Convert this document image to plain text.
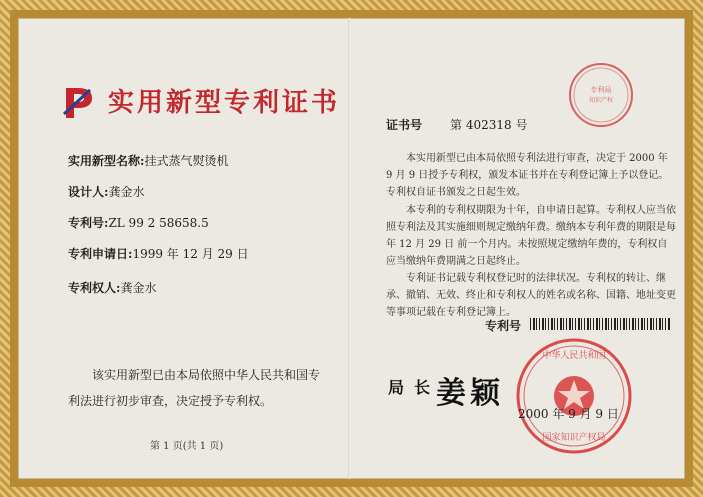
实用新型专利证书
实用新型名称:挂式蒸气熨烫机
设计人:龚金水
专利号:ZL 99 2 58658.5
专利申请日:1999 年 12 月 29 日
专利权人:龚金水
该实用新型已由本局依照中华人民共和国专利法进行初步审查，决定授予专利权。
第 1 页(共 1 页)
专利局
知识产权
证书号 第 402318 号
本实用新型已由本局依照专利法进行审查，决定于 2000 年 9 月 9 日授予专利权，颁发本证书并在专利登记簿上予以登记。专利权自证书颁发之日起生效。
本专利的专利权期限为十年，自申请日起算。专利权人应当依照专利法及其实施细则规定缴纳年费。缴纳本专利年费的期限是每年 12 月 29 日 前一个月内。未按照规定缴纳年费的，专利权自应当缴纳年费期满之日起终止。
专利证书记载专利权登记时的法律状况。专利权的转让、继承、撤销、无效、终止和专利权人的姓名或名称、国籍、地址变更等事项记载在专利登记簿上。
专利号
局长
姜颖
中华人民共和国
国家知识产权局
2000 年 9 月 9 日
